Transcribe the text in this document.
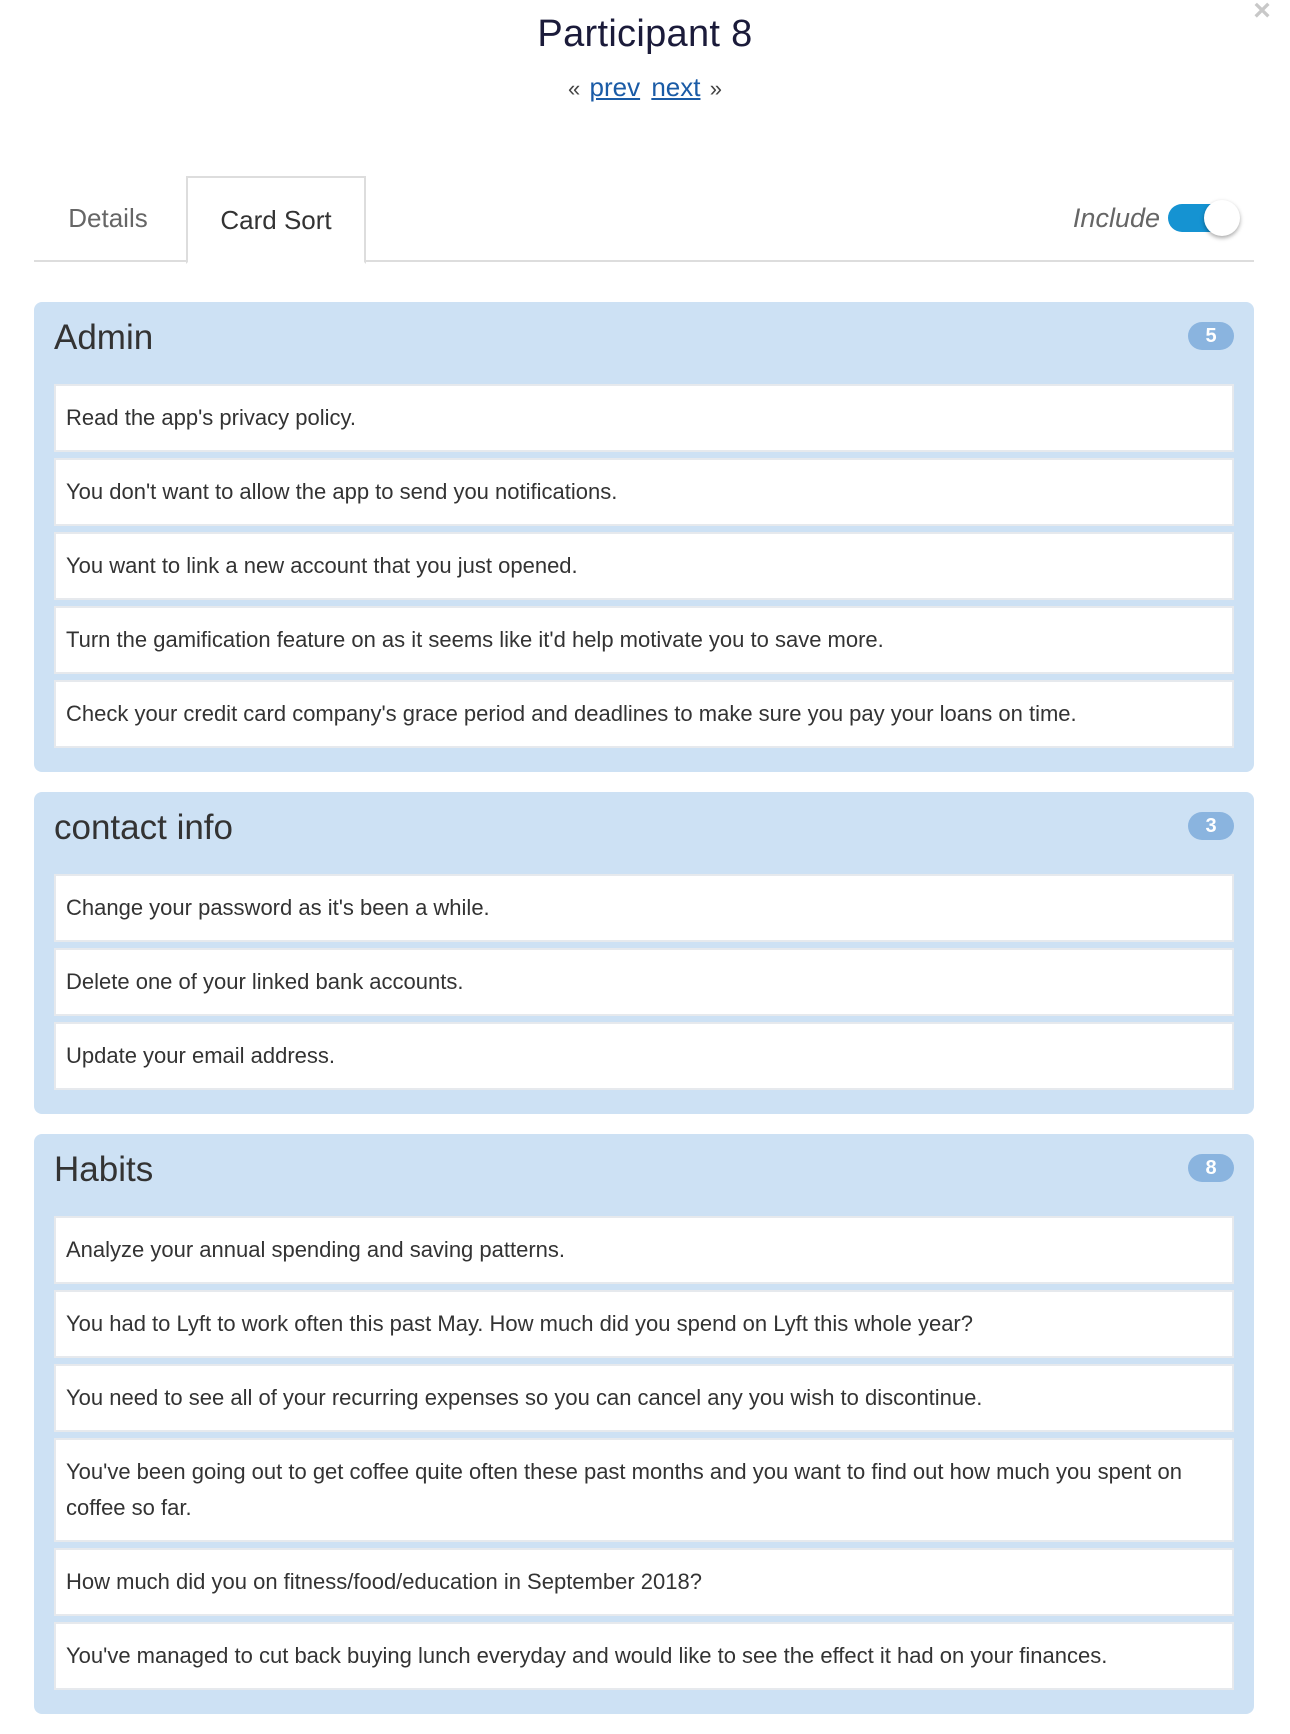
×
Participant 8
« prev next »
Details	Card Sort	Include
Admin	5
Read the app's privacy policy.
You don't want to allow the app to send you notifications.
You want to link a new account that you just opened.
Turn the gamification feature on as it seems like it'd help motivate you to save more.
Check your credit card company's grace period and deadlines to make sure you pay your loans on time.
contact info	3
Change your password as it's been a while.
Delete one of your linked bank accounts.
Update your email address.
Habits	8
Analyze your annual spending and saving patterns.
You had to Lyft to work often this past May. How much did you spend on Lyft this whole year?
You need to see all of your recurring expenses so you can cancel any you wish to discontinue.
You've been going out to get coffee quite often these past months and you want to find out how much you spent on coffee so far.
How much did you on fitness/food/education in September 2018?
You've managed to cut back buying lunch everyday and would like to see the effect it had on your finances.
